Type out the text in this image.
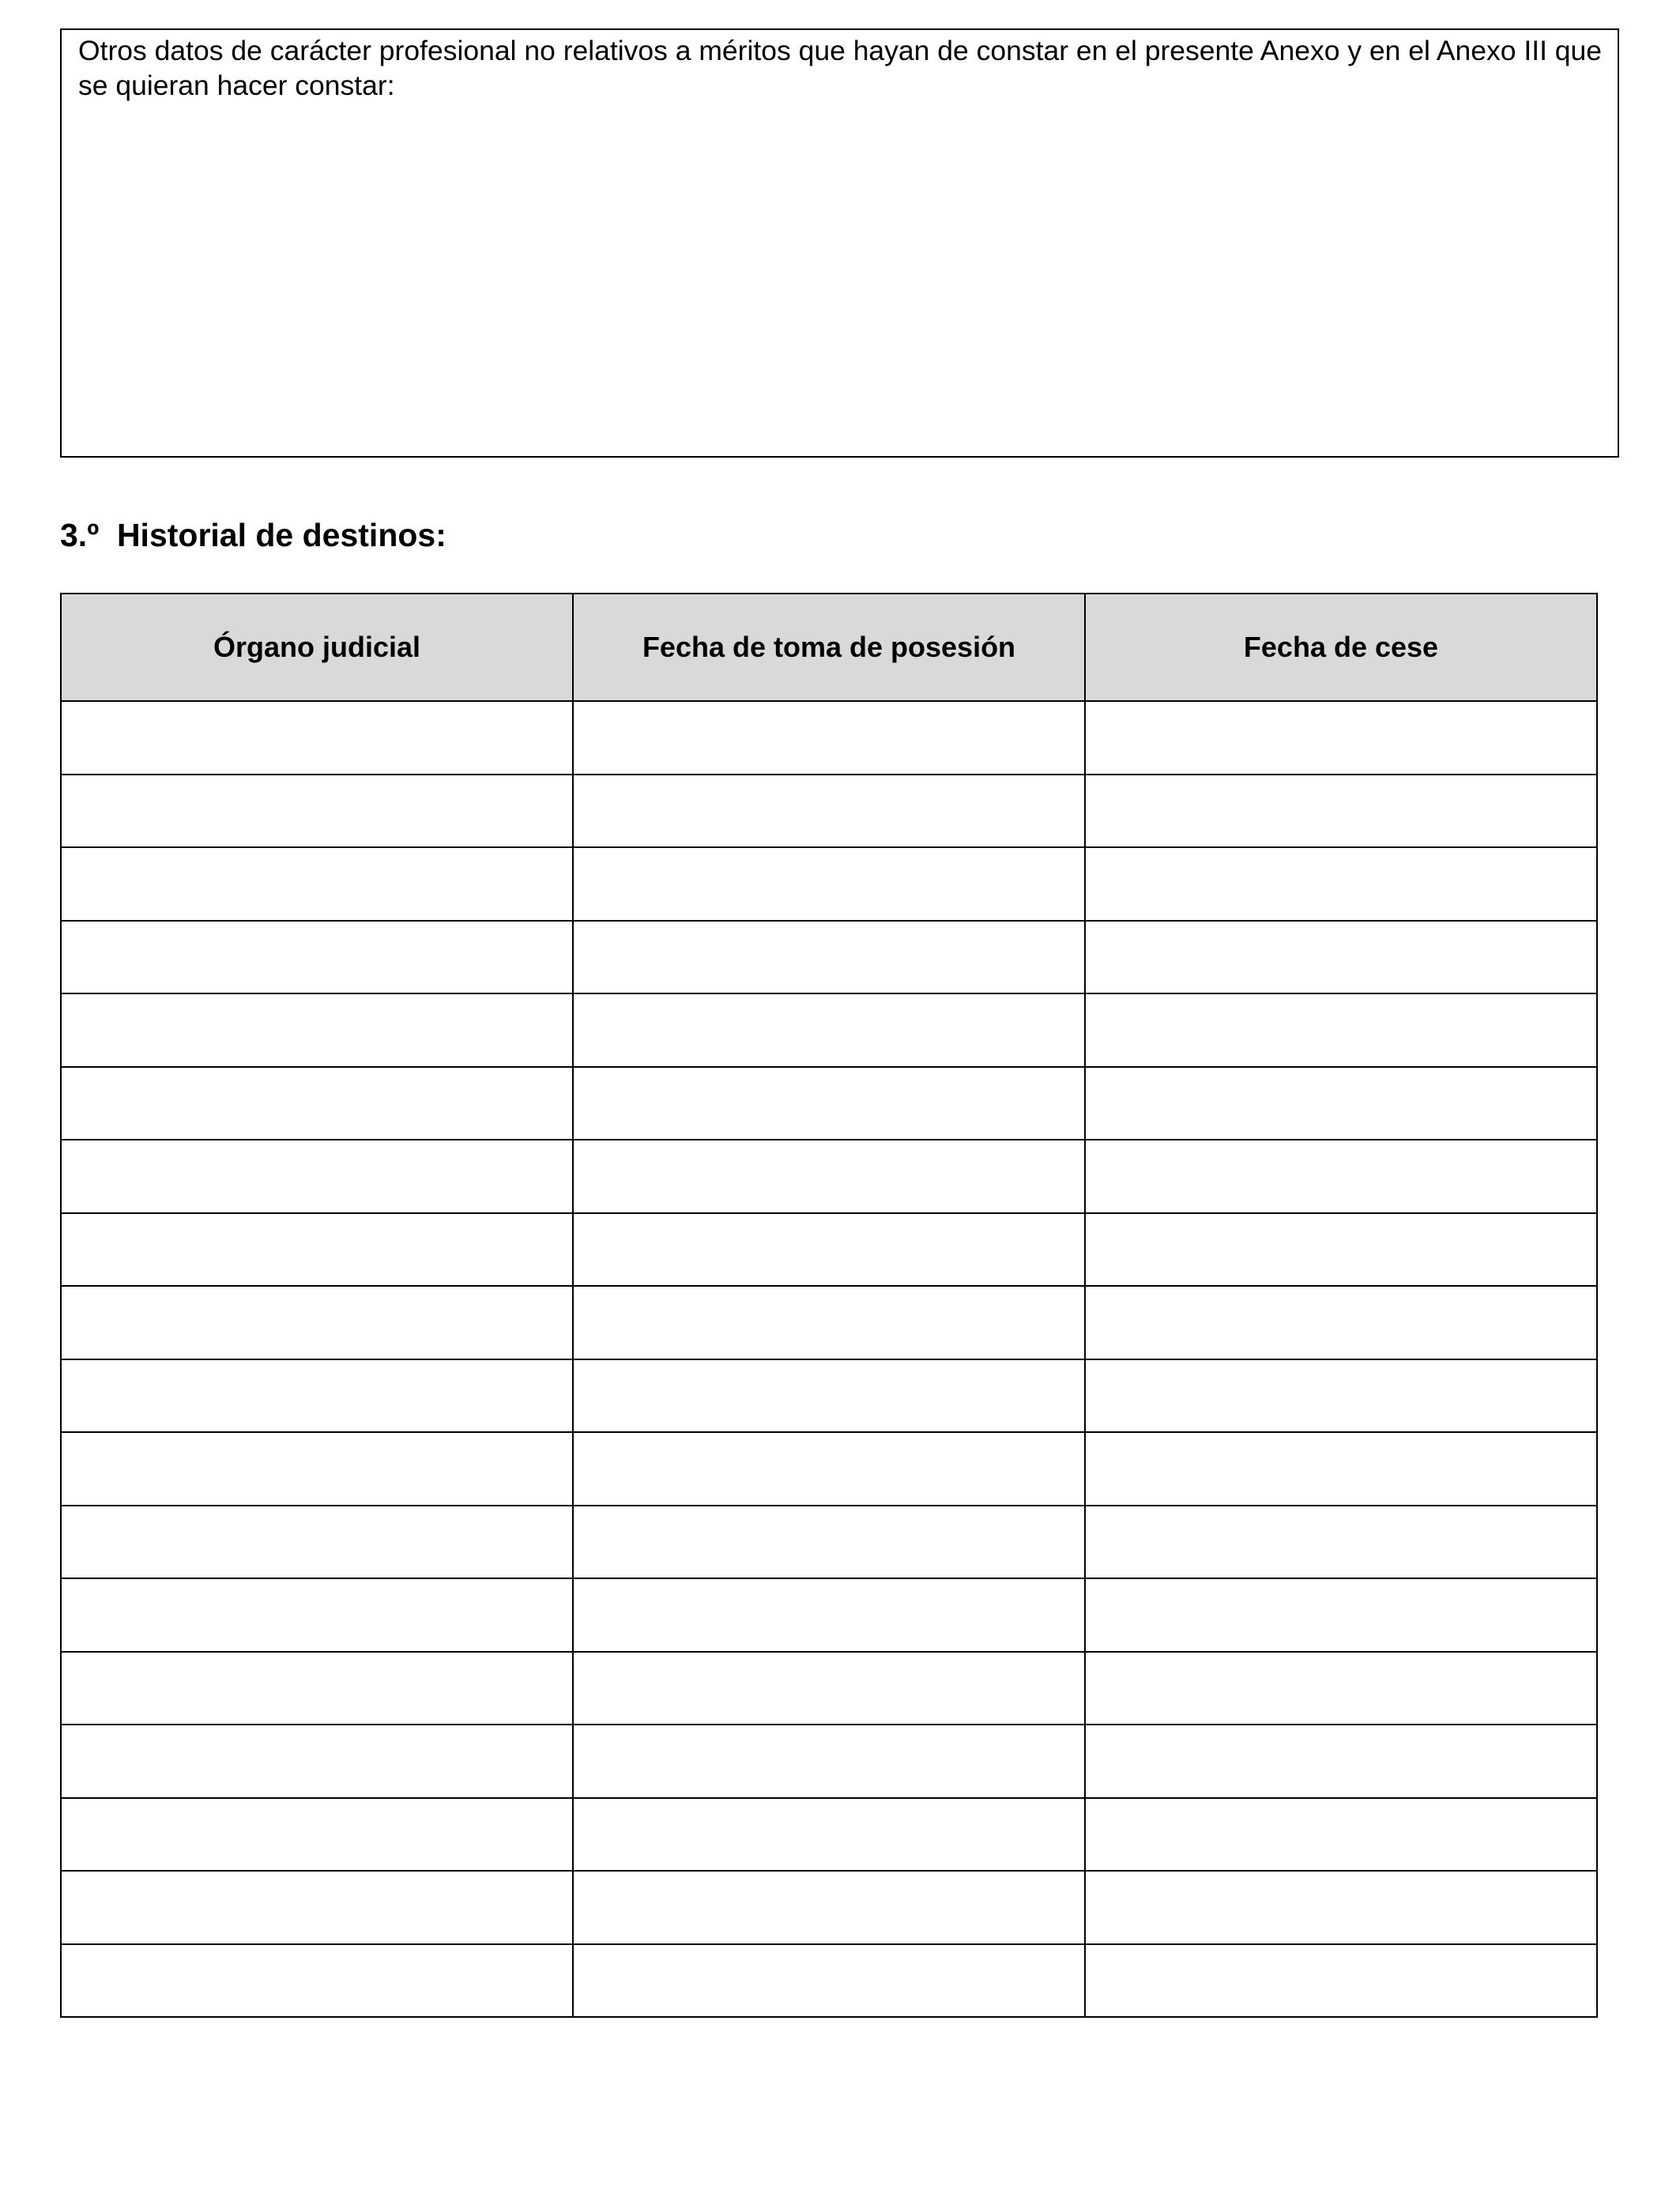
Otros datos de carácter profesional no relativos a méritos que hayan de constar en el presente Anexo y en el Anexo III que se quieran hacer constar:

3.º  Historial de destinos:
Órgano judicial	Fecha de toma de posesión	Fecha de cese
